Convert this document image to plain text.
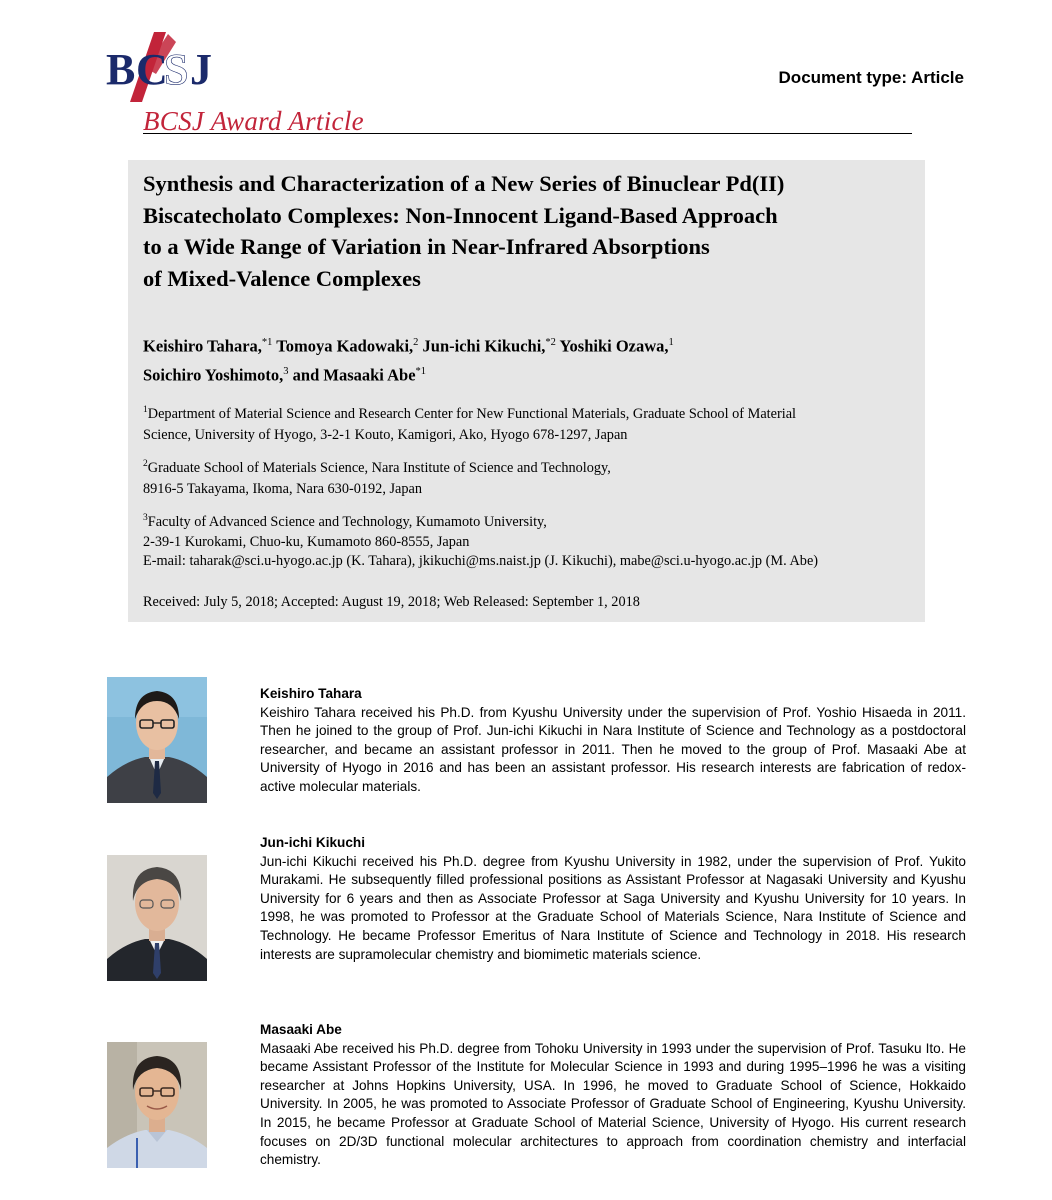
B C
S J	Document type: Article
BCSJ Award Article
Synthesis and Characterization of a New Series of Binuclear Pd(II)
Biscatecholato Complexes: Non-Innocent Ligand-Based Approach
to a Wide Range of Variation in Near-Infrared Absorptions
of Mixed-Valence Complexes
Keishiro Tahara,$^{*1}$ Tomoya Kadowaki,$^2$ Jun-ichi Kikuchi,$^{*2}$ Yoshiki Ozawa,$^1$
Soichiro Yoshimoto,$^3$ and Masaaki Abe$^{*1}$
$^1$Department of Material Science and Research Center for New Functional Materials, Graduate School of Material
Science, University of Hyogo, 3-2-1 Kouto, Kamigori, Ako, Hyogo 678-1297, Japan
$^2$Graduate School of Materials Science, Nara Institute of Science and Technology,
8916-5 Takayama, Ikoma, Nara 630-0192, Japan
$^3$Faculty of Advanced Science and Technology, Kumamoto University,
2-39-1 Kurokami, Chuo-ku, Kumamoto 860-8555, Japan
E-mail: taharak@sci.u-hyogo.ac.jp (K. Tahara), jkikuchi@ms.naist.jp (J. Kikuchi), mabe@sci.u-hyogo.ac.jp (M. Abe)
Received: July 5, 2018; Accepted: August 19, 2018; Web Released: September 1, 2018
Keishiro Tahara
Keishiro Tahara received his Ph.D. from Kyushu University under the supervision of Prof. Yoshio Hisaeda in 2011. Then he joined to the group of Prof. Jun-ichi Kikuchi in Nara Institute of Science and Technology as a postdoctoral researcher, and became an assistant professor in 2011. Then he moved to the group of Prof. Masaaki Abe at University of Hyogo in 2016 and has been an assistant professor. His research interests are fabrication of redox-active molecular materials.
Jun-ichi Kikuchi
Jun-ichi Kikuchi received his Ph.D. degree from Kyushu University in 1982, under the supervision of Prof. Yukito Murakami. He subsequently filled professional positions as Assistant Professor at Nagasaki University and Kyushu University for 6 years and then as Associate Professor at Saga University and Kyushu University for 10 years. In 1998, he was promoted to Professor at the Graduate School of Materials Science, Nara Institute of Science and Technology. He became Professor Emeritus of Nara Institute of Science and Technology in 2018. His research interests are supramolecular chemistry and biomimetic materials science.
Masaaki Abe
Masaaki Abe received his Ph.D. degree from Tohoku University in 1993 under the supervision of Prof. Tasuku Ito. He became Assistant Professor of the Institute for Molecular Science in 1993 and during 1995–1996 he was a visiting researcher at Johns Hopkins University, USA. In 1996, he moved to Graduate School of Science, Hokkaido University. In 2005, he was promoted to Associate Professor of Graduate School of Engineering, Kyushu University. In 2015, he became Professor at Graduate School of Material Science, University of Hyogo. His current research focuses on 2D/3D functional molecular architectures to approach from coordination chemistry and interfacial chemistry.
